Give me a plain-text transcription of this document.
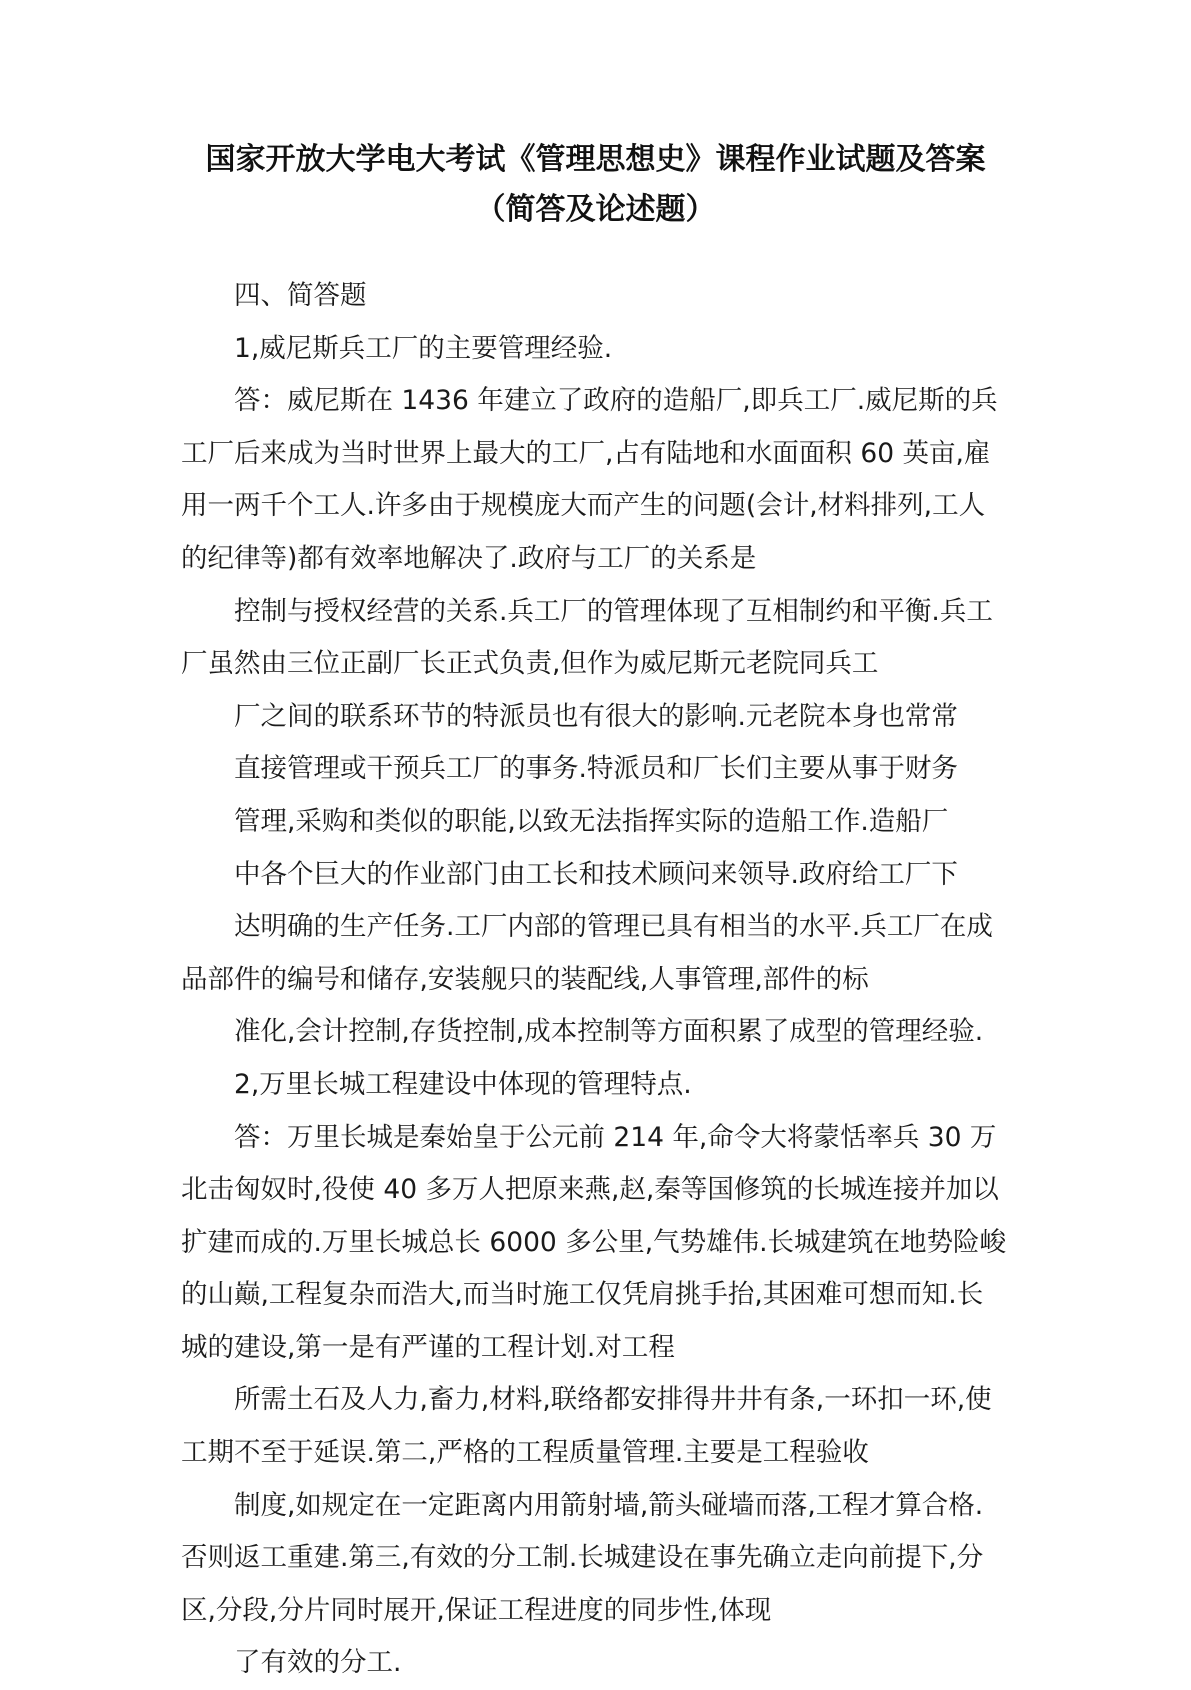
国家开放大学电大考试《管理思想史》课程作业试题及答案
（简答及论述题）

四、简答题

1,威尼斯兵工厂的主要管理经验.

答：威尼斯在 1436 年建立了政府的造船厂,即兵工厂.威尼斯的兵

工厂后来成为当时世界上最大的工厂,占有陆地和水面面积 60 英亩,雇

用一两千个工人.许多由于规模庞大而产生的问题(会计,材料排列,工人

的纪律等)都有效率地解决了.政府与工厂的关系是

控制与授权经营的关系.兵工厂的管理体现了互相制约和平衡.兵工

厂虽然由三位正副厂长正式负责,但作为威尼斯元老院同兵工

厂之间的联系环节的特派员也有很大的影响.元老院本身也常常

直接管理或干预兵工厂的事务.特派员和厂长们主要从事于财务

管理,采购和类似的职能,以致无法指挥实际的造船工作.造船厂

中各个巨大的作业部门由工长和技术顾问来领导.政府给工厂下

达明确的生产任务.工厂内部的管理已具有相当的水平.兵工厂在成

品部件的编号和储存,安装舰只的装配线,人事管理,部件的标

准化,会计控制,存货控制,成本控制等方面积累了成型的管理经验.

2,万里长城工程建设中体现的管理特点.

答：万里长城是秦始皇于公元前 214 年,命令大将蒙恬率兵 30 万

北击匈奴时,役使 40 多万人把原来燕,赵,秦等国修筑的长城连接并加以

扩建而成的.万里长城总长 6000 多公里,气势雄伟.长城建筑在地势险峻

的山巅,工程复杂而浩大,而当时施工仅凭肩挑手抬,其困难可想而知.长

城的建设,第一是有严谨的工程计划.对工程

所需土石及人力,畜力,材料,联络都安排得井井有条,一环扣一环,使

工期不至于延误.第二,严格的工程质量管理.主要是工程验收

制度,如规定在一定距离内用箭射墙,箭头碰墙而落,工程才算合格.

否则返工重建.第三,有效的分工制.长城建设在事先确立走向前提下,分

区,分段,分片同时展开,保证工程进度的同步性,体现

了有效的分工.
